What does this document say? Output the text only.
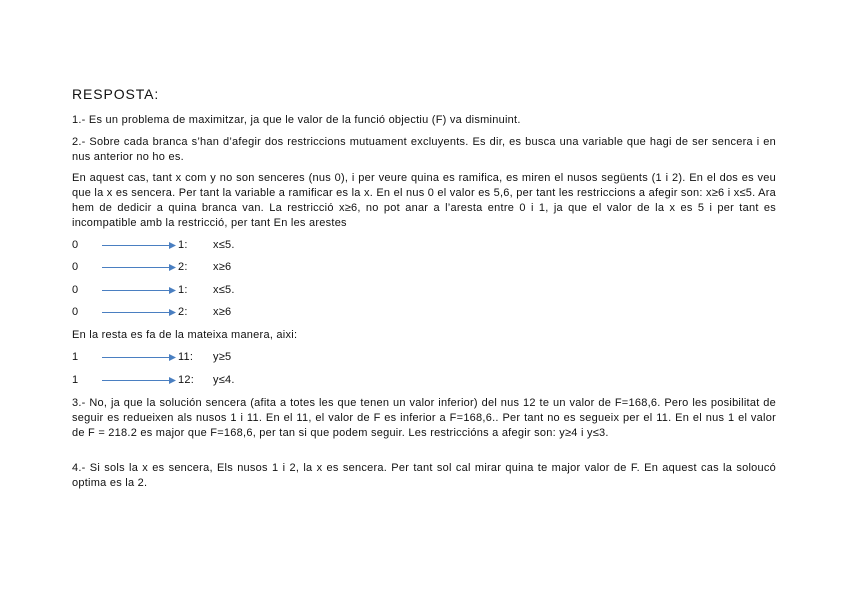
RESPOSTA:

1.- Es un problema de maximitzar, ja que le valor de la funció objectiu (F) va disminuint.

2.- Sobre cada branca s’han d’afegir dos restriccions mutuament excluyents. Es dir, es busca una variable que hagi de ser sencera i en nus anterior no ho es.

En aquest cas, tant x com y no son senceres (nus 0), i per veure quina es ramifica, es miren el nusos següents (1 i 2). En el dos es veu que la x es sencera. Per tant la variable a ramificar es la x. En el nus 0 el valor es 5,6, per tant les restriccions a afegir son: x≥6 i x≤5. Ara hem de dedicir a quina branca van. La restricció x≥6, no pot anar a l’aresta entre 0 i 1, ja que el valor de la x es 5 i per tant es incompatible amb la restricció, per tant En les arestes

0	1: x≤5.
0	2: x≥6
0	1: x≤5.
0	2: x≥6

En la resta es fa de la mateixa manera, aixi:

1	11: y≥5
1	12: y≤4.

3.- No, ja que la solución sencera (afita a totes les que tenen un valor inferior) del nus 12 te un valor de F=168,6. Pero les posibilitat de seguir es redueixen als nusos 1 i 11. En el 11, el valor de F es inferior a F=168,6.. Per tant no es segueix per el 11. En el nus 1 el valor de F = 218.2 es major que F=168,6, per tan si que podem seguir. Les restriccións a afegir son: y≥4 i y≤3.

4.- Si sols la x es sencera, Els nusos 1 i 2, la x es sencera. Per tant sol cal mirar quina te major valor de F. En aquest cas la soloucó optima es la 2.
